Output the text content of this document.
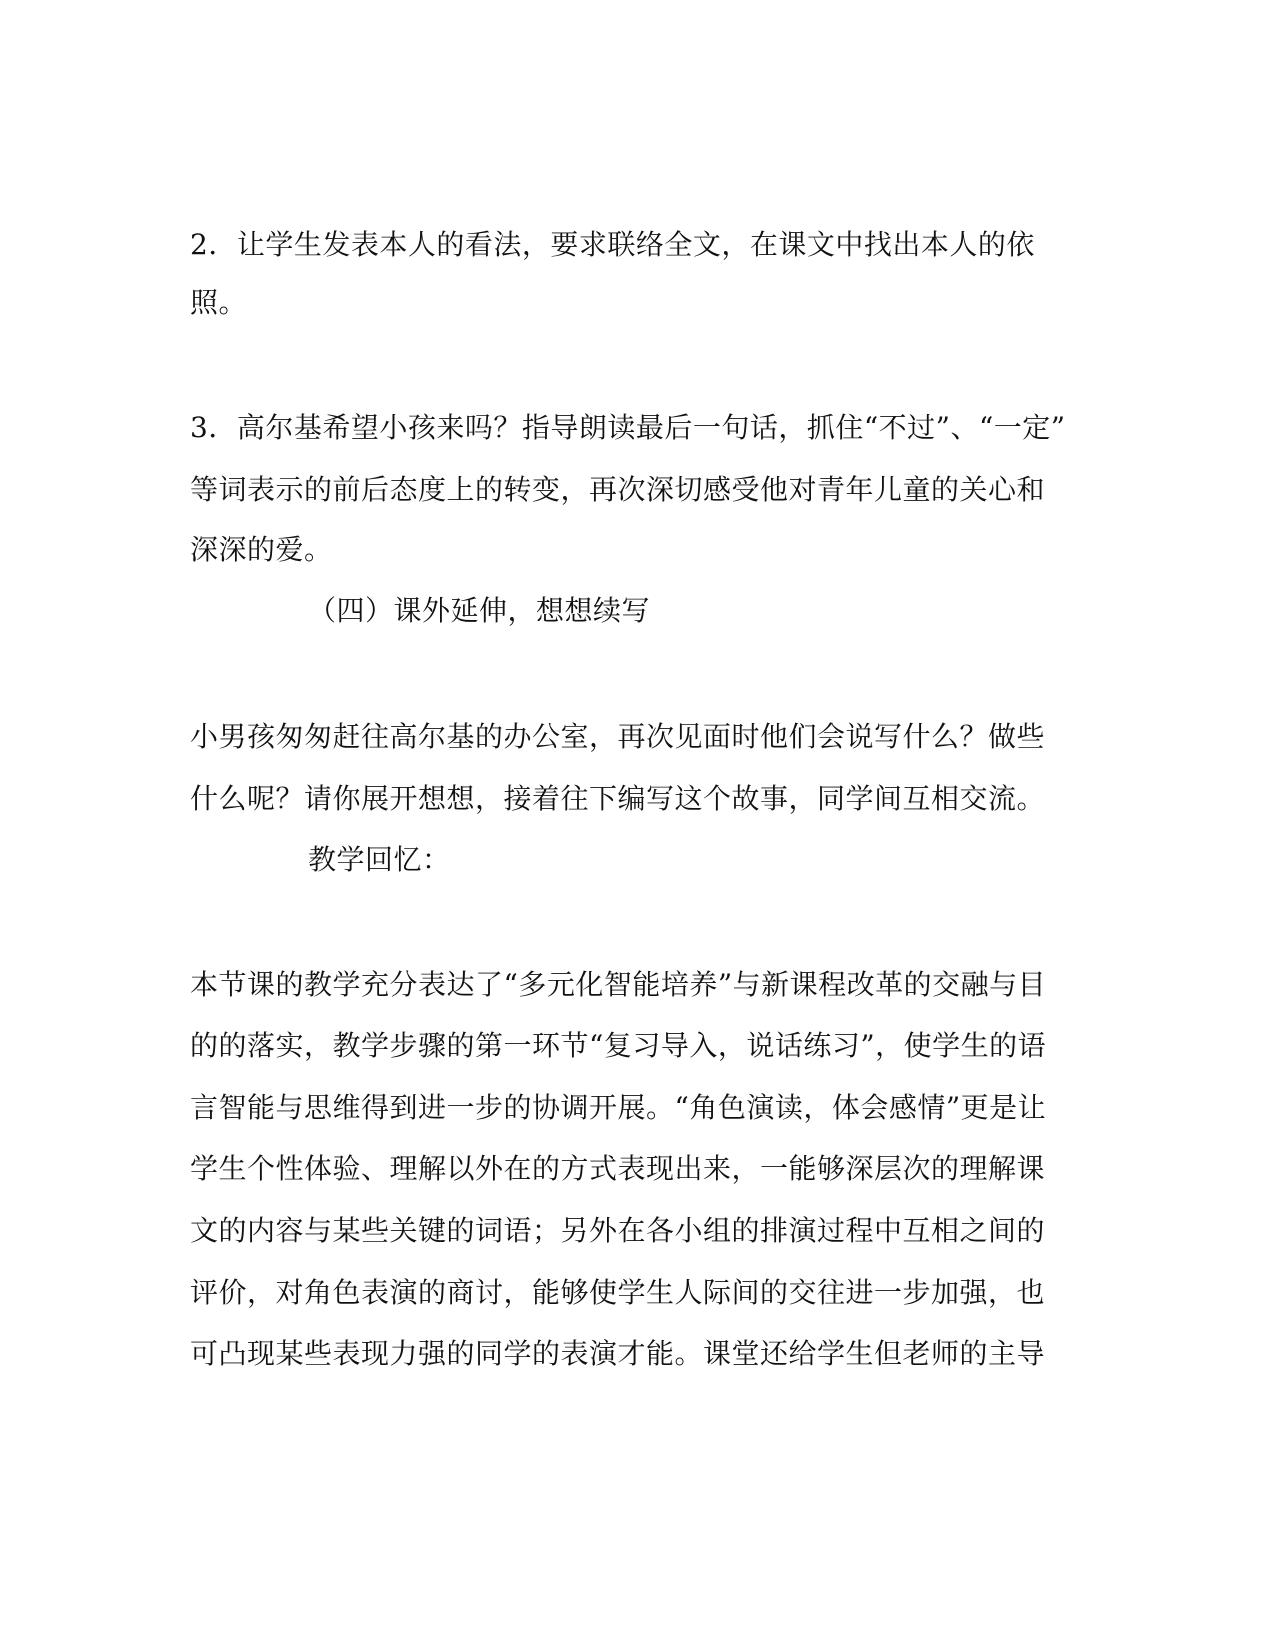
2．让学生发表本人的看法，要求联络全文，在课文中找出本人的依
照。
3．高尔基希望小孩来吗？指导朗读最后一句话，抓住“不过”、“一定”
等词表示的前后态度上的转变，再次深切感受他对青年儿童的关心和
深深的爱。
（四）课外延伸，想想续写
小男孩匆匆赶往高尔基的办公室，再次见面时他们会说写什么？做些
什么呢？请你展开想想，接着往下编写这个故事，同学间互相交流。
教学回忆：
本节课的教学充分表达了“多元化智能培养”与新课程改革的交融与目
的的落实，教学步骤的第一环节“复习导入，说话练习”，使学生的语
言智能与思维得到进一步的协调开展。“角色演读，体会感情”更是让
学生个性体验、理解以外在的方式表现出来，一能够深层次的理解课
文的内容与某些关键的词语；另外在各小组的排演过程中互相之间的
评价，对角色表演的商讨，能够使学生人际间的交往进一步加强，也
可凸现某些表现力强的同学的表演才能。课堂还给学生但老师的主导
